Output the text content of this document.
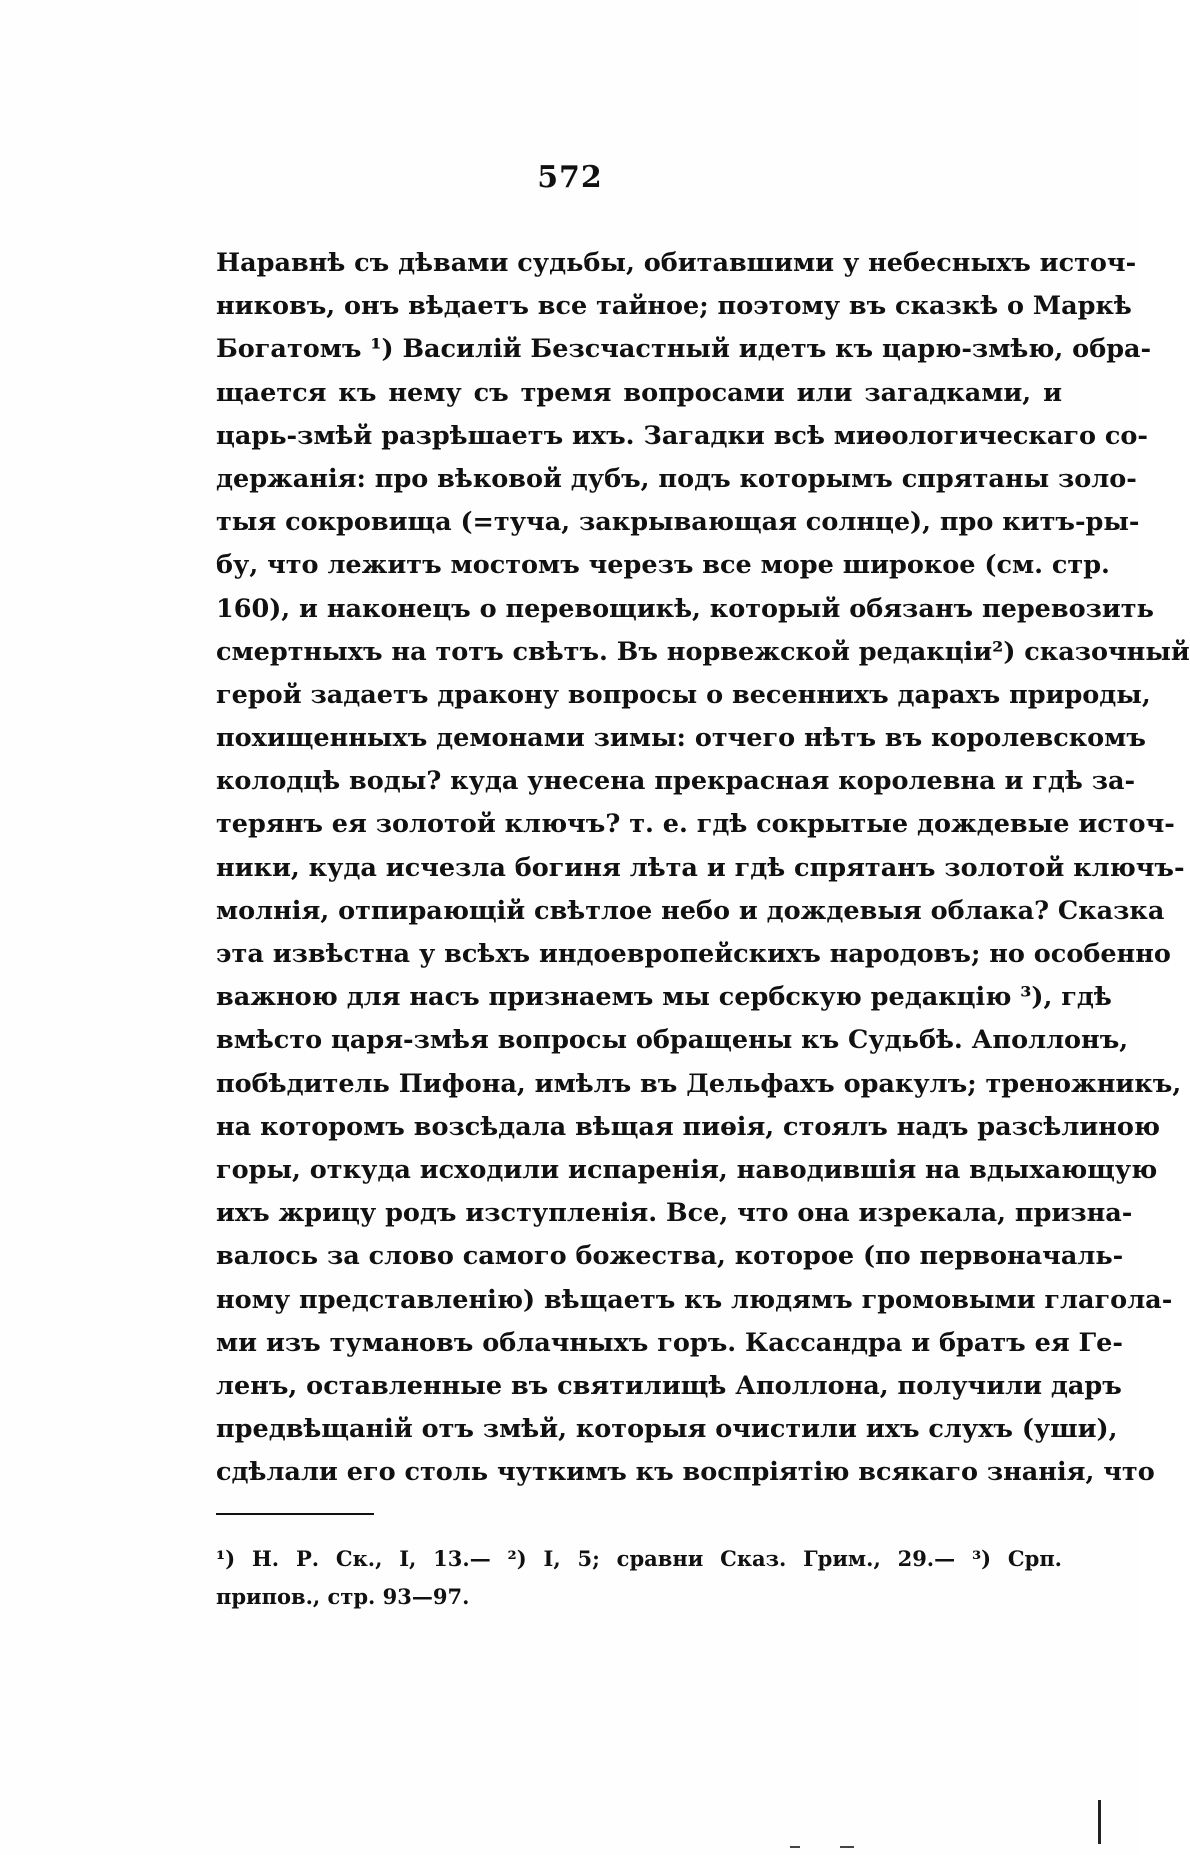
572
Наравнѣ съ дѣвами судьбы, обитавшими у небесныхъ источ-
никовъ, онъ вѣдаетъ все тайное; поэтому въ сказкѣ о Маркѣ
Богатомъ ¹) Василій Безсчастный идетъ къ царю-змѣю, обра-
щается къ нему съ тремя вопросами или загадками, и
царь-змѣй разрѣшаетъ ихъ. Загадки всѣ миѳологическаго со-
держанія: про вѣковой дубъ, подъ которымъ спрятаны золо-
тыя сокровища (=туча, закрывающая солнце), про китъ-ры-
бу, что лежитъ мостомъ черезъ все море широкое (см. стр.
160), и наконецъ о перевощикѣ, который обязанъ перевозить
смертныхъ на тотъ свѣтъ. Въ норвежской редакціи²) сказочный
герой задаетъ дракону вопросы о весеннихъ дарахъ природы,
похищенныхъ демонами зимы: отчего нѣтъ въ королевскомъ
колодцѣ воды? куда унесена прекрасная королевна и гдѣ за-
терянъ ея золотой ключъ? т. е. гдѣ сокрытые дождевые источ-
ники, куда исчезла богиня лѣта и гдѣ спрятанъ золотой ключъ-
молнія, отпирающій свѣтлое небо и дождевыя облака? Сказка
эта извѣстна у всѣхъ индоевропейскихъ народовъ; но особенно
важною для насъ признаемъ мы сербскую редакцію ³), гдѣ
вмѣсто царя-змѣя вопросы обращены къ Судьбѣ. Аполлонъ,
побѣдитель Пифона, имѣлъ въ Дельфахъ оракулъ; треножникъ,
на которомъ возсѣдала вѣщая пиѳія, стоялъ надъ разсѣлиною
горы, откуда исходили испаренія, наводившія на вдыхающую
ихъ жрицу родъ изступленія. Все, что она изрекала, призна-
валось за слово самого божества, которое (по первоначаль-
ному представленію) вѣщаетъ къ людямъ громовыми глагола-
ми изъ тумановъ облачныхъ горъ. Кассандра и братъ ея Ге-
ленъ, оставленные въ святилищѣ Аполлона, получили даръ
предвѣщаній отъ змѣй, которыя очистили ихъ слухъ (уши),
сдѣлали его столь чуткимъ къ воспріятію всякаго знанія, что
¹) Н. Р. Ск., I, 13.— ²) I, 5; сравни Сказ. Грим., 29.— ³) Срп.
припов., стр. 93—97.
